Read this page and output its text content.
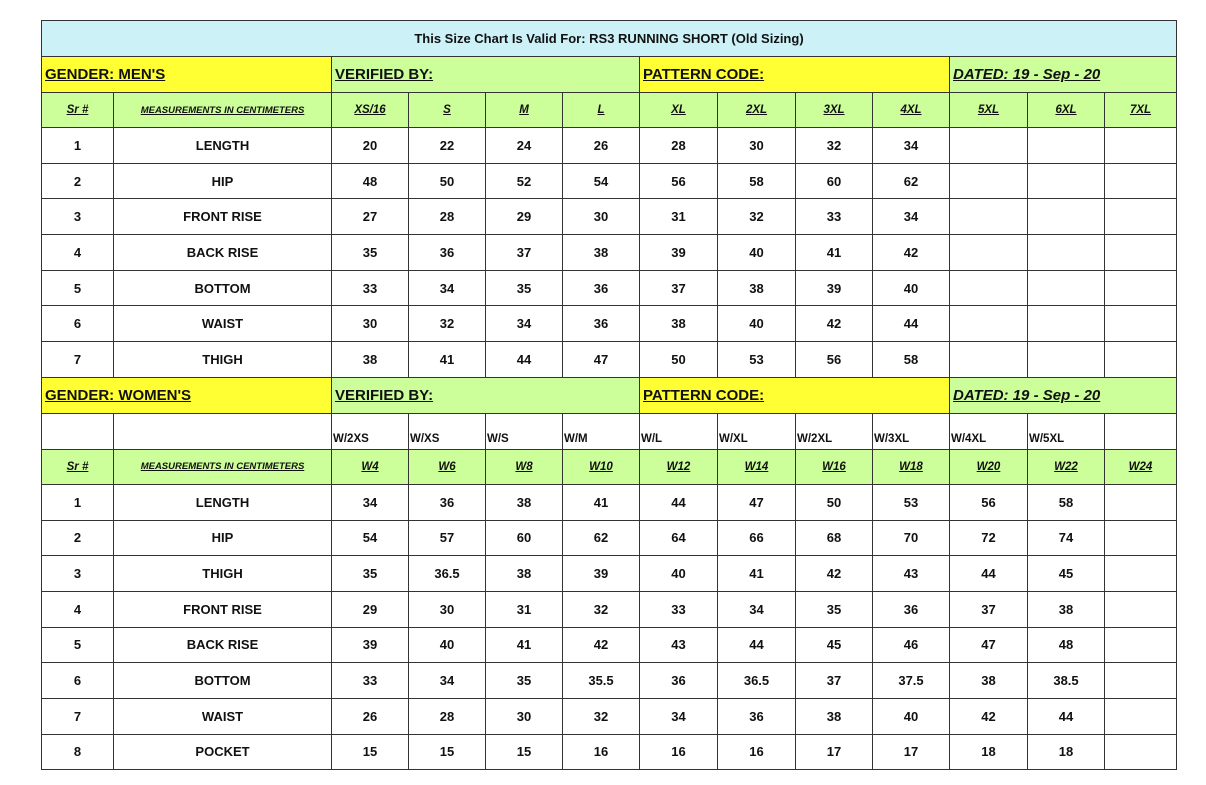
This Size Chart Is Valid For: RS3 RUNNING SHORT (Old Sizing)												
GENDER: MEN'S		VERIFIED BY:				PATTERN CODE:				DATED: 19 - Sep - 20		
Sr #	MEASUREMENTS IN CENTIMETERS	XS/16	S	M	L	XL	2XL	3XL	4XL	5XL	6XL	7XL
1	LENGTH	20	22	24	26	28	30	32	34			
2	HIP	48	50	52	54	56	58	60	62			
3	FRONT RISE	27	28	29	30	31	32	33	34			
4	BACK RISE	35	36	37	38	39	40	41	42			
5	BOTTOM	33	34	35	36	37	38	39	40			
6	WAIST	30	32	34	36	38	40	42	44			
7	THIGH	38	41	44	47	50	53	56	58			
GENDER: WOMEN'S		VERIFIED BY:				PATTERN CODE:				DATED: 19 - Sep - 20		
		W/2XS	W/XS	W/S	W/M	W/L	W/XL	W/2XL	W/3XL	W/4XL	W/5XL	
Sr #	MEASUREMENTS IN CENTIMETERS	W4	W6	W8	W10	W12	W14	W16	W18	W20	W22	W24
1	LENGTH	34	36	38	41	44	47	50	53	56	58	
2	HIP	54	57	60	62	64	66	68	70	72	74	
3	THIGH	35	36.5	38	39	40	41	42	43	44	45	
4	FRONT RISE	29	30	31	32	33	34	35	36	37	38	
5	BACK RISE	39	40	41	42	43	44	45	46	47	48	
6	BOTTOM	33	34	35	35.5	36	36.5	37	37.5	38	38.5	
7	WAIST	26	28	30	32	34	36	38	40	42	44	
8	POCKET	15	15	15	16	16	16	17	17	18	18	
